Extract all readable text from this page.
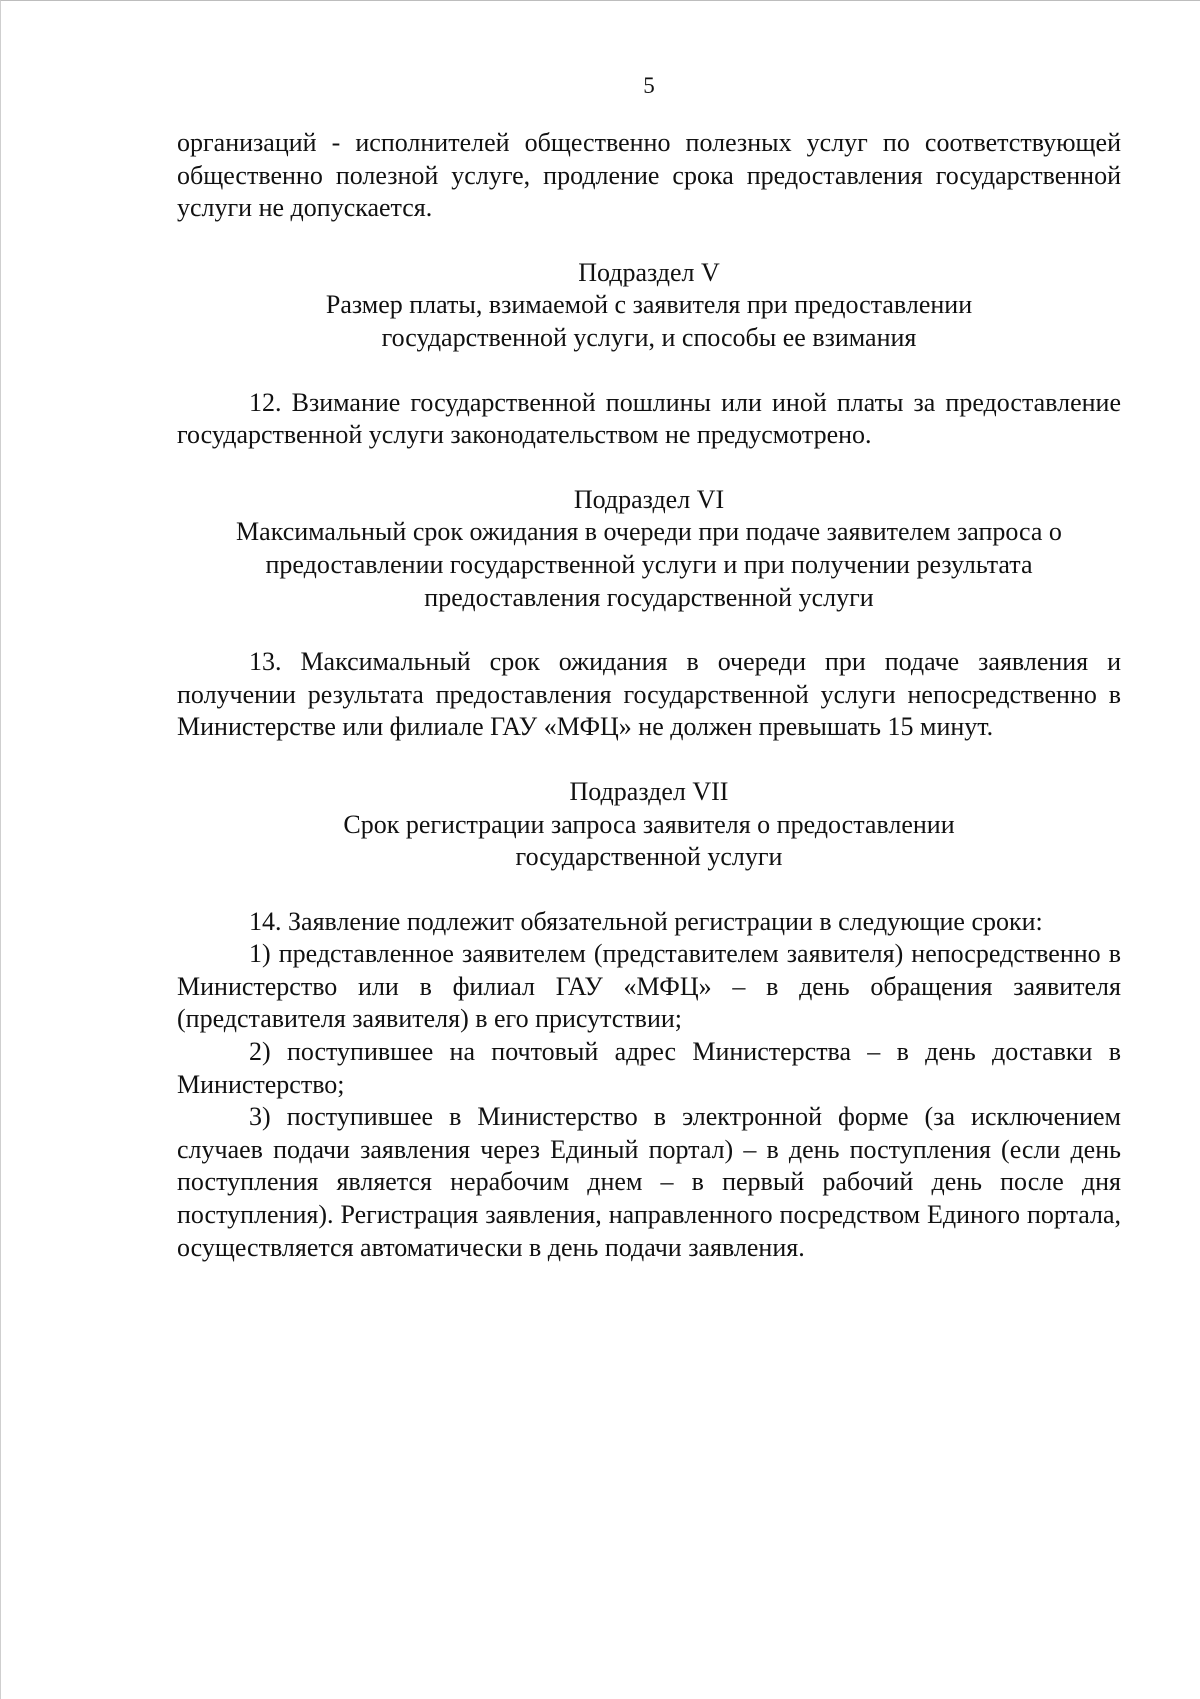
5

организаций - исполнителей общественно полезных услуг по соответствующей общественно полезной услуге, продление срока предоставления государственной услуги не допускается.

Подраздел V
Размер платы, взимаемой с заявителя при предоставлении
государственной услуги, и способы ее взимания

12. Взимание государственной пошлины или иной платы за предоставление государственной услуги законодательством не предусмотрено.

Подраздел VI
Максимальный срок ожидания в очереди при подаче заявителем запроса о
предоставлении государственной услуги и при получении результата
предоставления государственной услуги

13. Максимальный срок ожидания в очереди при подаче заявления и получении результата предоставления государственной услуги непосредственно в Министерстве или филиале ГАУ «МФЦ» не должен превышать 15 минут.

Подраздел VII
Срок регистрации запроса заявителя о предоставлении
государственной услуги

14. Заявление подлежит обязательной регистрации в следующие сроки:

1) представленное заявителем (представителем заявителя) непосредственно в Министерство или в филиал ГАУ «МФЦ» – в день обращения заявителя (представителя заявителя) в его присутствии;

2) поступившее на почтовый адрес Министерства – в день доставки в Министерство;

3) поступившее в Министерство в электронной форме (за исключением случаев подачи заявления через Единый портал) – в день поступления (если день поступления является нерабочим днем – в первый рабочий день после дня поступления). Регистрация заявления, направленного посредством Единого портала, осуществляется автоматически в день подачи заявления.
